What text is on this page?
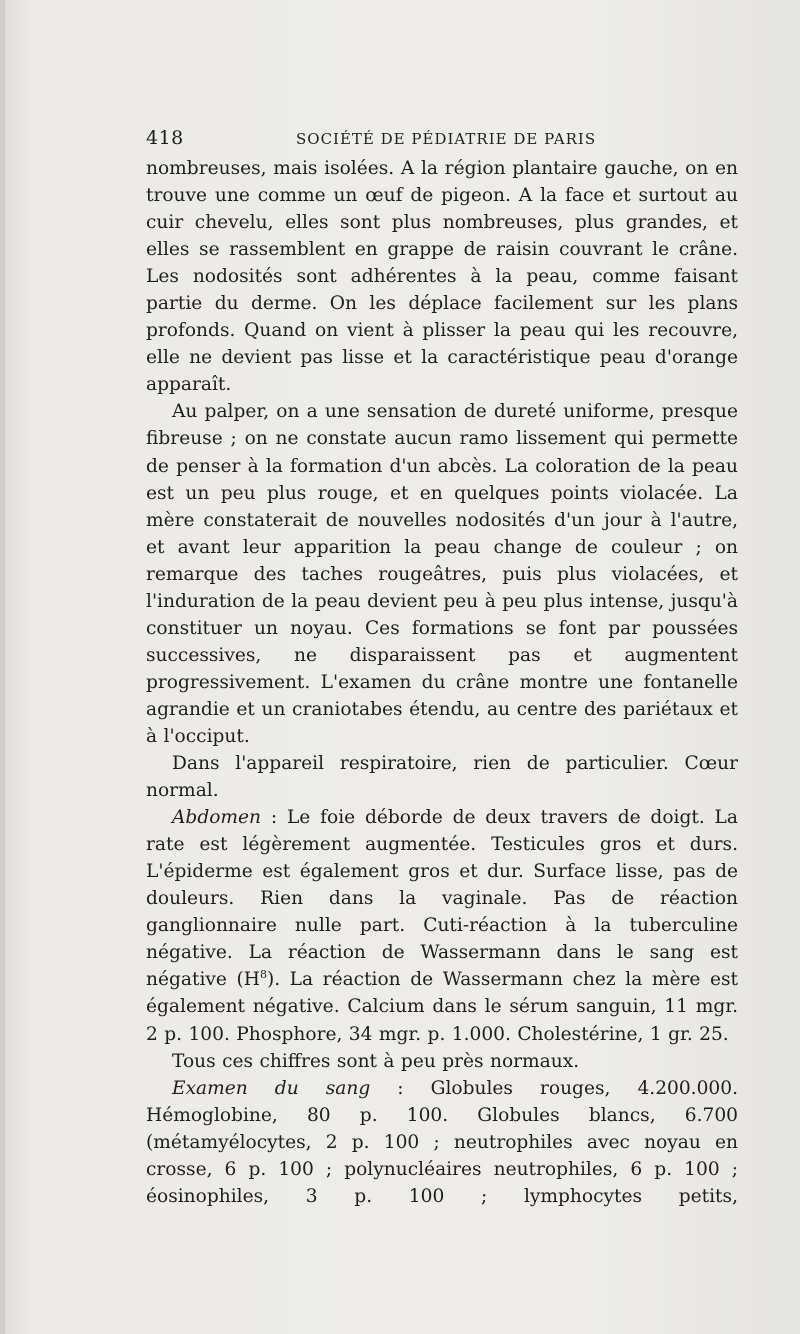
418	SOCIÉTÉ DE PÉDIATRIE DE PARIS

nombreuses, mais isolées. A la région plantaire gauche, on en trouve une comme un œuf de pigeon. A la face et surtout au cuir chevelu, elles sont plus nombreuses, plus grandes, et elles se rassemblent en grappe de raisin couvrant le crâne. Les nodosités sont adhérentes à la peau, comme faisant partie du derme. On les déplace facilement sur les plans profonds. Quand on vient à plisser la peau qui les recouvre, elle ne devient pas lisse et la caractéristique peau d'orange apparaît.

Au palper, on a une sensation de dureté uniforme, presque fibreuse ; on ne constate aucun ramo lissement qui permette de penser à la formation d'un abcès. La coloration de la peau est un peu plus rouge, et en quelques points violacée. La mère constaterait de nouvelles nodosités d'un jour à l'autre, et avant leur apparition la peau change de couleur ; on remarque des taches rougeâtres, puis plus violacées, et l'induration de la peau devient peu à peu plus intense, jusqu'à constituer un noyau. Ces formations se font par poussées successives, ne disparaissent pas et augmentent progressivement. L'examen du crâne montre une fontanelle agrandie et un craniotabes étendu, au centre des pariétaux et à l'occiput.

Dans l'appareil respiratoire, rien de particulier. Cœur normal.

Abdomen : Le foie déborde de deux travers de doigt. La rate est légèrement augmentée. Testicules gros et durs. L'épiderme est également gros et dur. Surface lisse, pas de douleurs. Rien dans la vaginale. Pas de réaction ganglionnaire nulle part. Cuti-réaction à la tuberculine négative. La réaction de Wassermann dans le sang est négative $(H^8)$. La réaction de Wassermann chez la mère est également négative. Calcium dans le sérum sanguin, 11 mgr. 2 p. 100. Phosphore, 34 mgr. p. 1.000. Cholestérine, 1 gr. 25.

Tous ces chiffres sont à peu près normaux.

Examen du sang : Globules rouges, 4.200.000. Hémoglobine, 80 p. 100. Globules blancs, 6.700 (métamyélocytes, 2 p. 100 ; neutrophiles avec noyau en crosse, 6 p. 100 ; polynucléaires neutrophiles, 6 p. 100 ; éosinophiles, 3 p. 100 ; lymphocytes petits,
